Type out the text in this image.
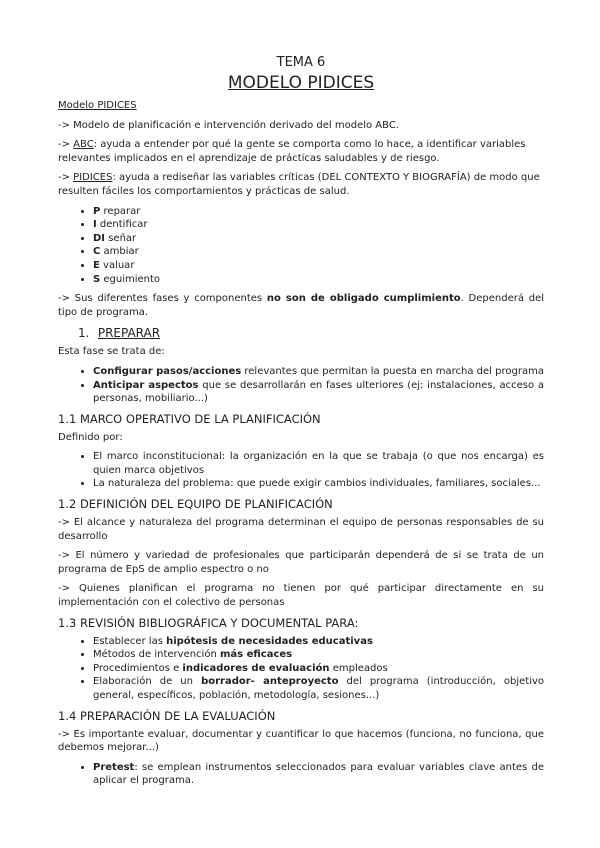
TEMA 6
MODELO PIDICES

Modelo PIDICES

-> Modelo de planificación e intervención derivado del modelo ABC.

-> ABC: ayuda a entender por qué la gente se comporta como lo hace, a identificar variables relevantes implicados en el aprendizaje de prácticas saludables y de riesgo.

-> PIDICES: ayuda a rediseñar las variables críticas (DEL CONTEXTO Y BIOGRAFÍA) de modo que resulten fáciles los comportamientos y prácticas de salud.

• P reparar
• I dentificar
• DI señar
• C ambiar
• E valuar
• S eguimiento

-> Sus diferentes fases y componentes no son de obligado cumplimiento. Dependerá del tipo de programa.

1. PREPARAR

Esta fase se trata de:

• Configurar pasos/acciones relevantes que permitan la puesta en marcha del programa
• Anticipar aspectos que se desarrollarán en fases ulteriores (ej: instalaciones, acceso a personas, mobiliario...)
1.1 MARCO OPERATIVO DE LA PLANIFICACIÓN

Definido por:

• El marco inconstitucional: la organización en la que se trabaja (o que nos encarga) es quien marca objetivos
• La naturaleza del problema: que puede exigir cambios individuales, familiares, sociales...
1.2 DEFINICIÓN DEL EQUIPO DE PLANIFICACIÓN

-> El alcance y naturaleza del programa determinan el equipo de personas responsables de su desarrollo

-> El número y variedad de profesionales que participarán dependerá de si se trata de un programa de EpS de amplio espectro o no

-> Quienes planifican el programa no tienen por qué participar directamente en su implementación con el colectivo de personas

1.3 REVISIÓN BIBLIOGRÁFICA Y DOCUMENTAL PARA:
• Establecer las hipótesis de necesidades educativas
• Métodos de intervención más eficaces
• Procedimientos e indicadores de evaluación empleados
• Elaboración de un borrador- anteproyecto del programa (introducción, objetivo general, específicos, población, metodología, sesiones...)
1.4 PREPARACIÓN DE LA EVALUACIÓN

-> Es importante evaluar, documentar y cuantificar lo que hacemos (funciona, no funciona, que debemos mejorar...)

• Pretest: se emplean instrumentos seleccionados para evaluar variables clave antes de aplicar el programa.
